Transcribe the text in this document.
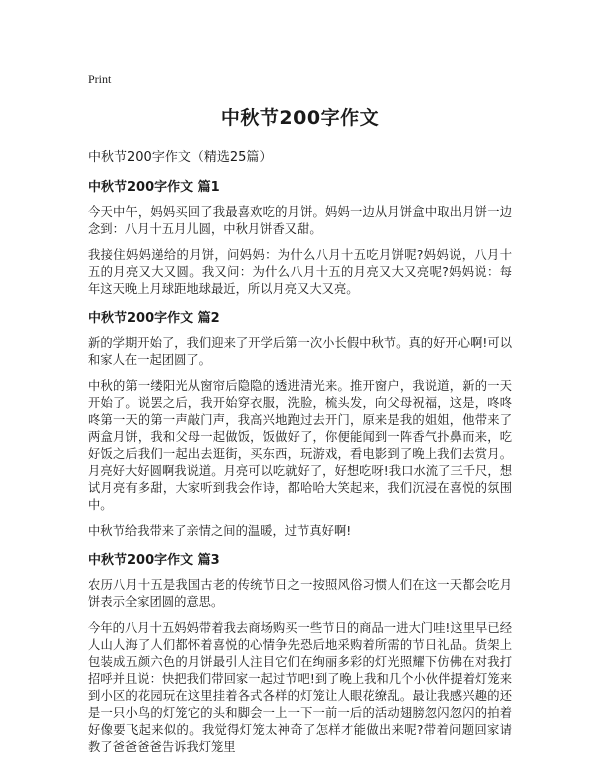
Print
中秋节200字作文
中秋节200字作文（精选25篇）
中秋节200字作文 篇1

今天中午，妈妈买回了我最喜欢吃的月饼。妈妈一边从月饼盒中取出月饼一边念到：八月十五月儿圆，中秋月饼香又甜。

我接住妈妈递给的月饼，问妈妈：为什么八月十五吃月饼呢?妈妈说，八月十五的月亮又大又圆。我又问：为什么八月十五的月亮又大又亮呢?妈妈说：每年这天晚上月球距地球最近，所以月亮又大又亮。

中秋节200字作文 篇2

新的学期开始了，我们迎来了开学后第一次小长假中秋节。真的好开心啊!可以和家人在一起团圆了。

中秋的第一缕阳光从窗帘后隐隐的透进清光来。推开窗户，我说道，新的一天开始了。说罢之后，我开始穿衣服，洗脸，梳头发，向父母祝福，这是，咚咚咚第一天的第一声敲门声，我高兴地跑过去开门，原来是我的姐姐，他带来了两盒月饼，我和父母一起做饭，饭做好了，你便能闻到一阵香气扑鼻而来，吃好饭之后我们一起出去逛街，买东西，玩游戏，看电影到了晚上我们去赏月。月亮好大好圆啊我说道。月亮可以吃就好了，好想吃呀!我口水流了三千尺，想试月亮有多甜，大家听到我会作诗，都哈哈大笑起来，我们沉浸在喜悦的氛围中。

中秋节给我带来了亲情之间的温暖，过节真好啊!

中秋节200字作文 篇3

农历八月十五是我国古老的传统节日之一按照风俗习惯人们在这一天都会吃月饼表示全家团圆的意思。

今年的八月十五妈妈带着我去商场购买一些节日的商品一进大门哇!这里早已经人山人海了人们都怀着喜悦的心情争先恐后地采购着所需的节日礼品。货架上包装成五颜六色的月饼最引人注目它们在绚丽多彩的灯光照耀下仿佛在对我打招呼并且说：快把我们带回家一起过节吧!到了晚上我和几个小伙伴提着灯笼来到小区的花园玩在这里挂着各式各样的灯笼让人眼花缭乱。最让我感兴趣的还是一只小鸟的灯笼它的头和脚会一上一下一前一后的活动翅膀忽闪忽闪的拍着好像要飞起来似的。我觉得灯笼太神奇了怎样才能做出来呢?带着问题回家请教了爸爸爸爸告诉我灯笼里
